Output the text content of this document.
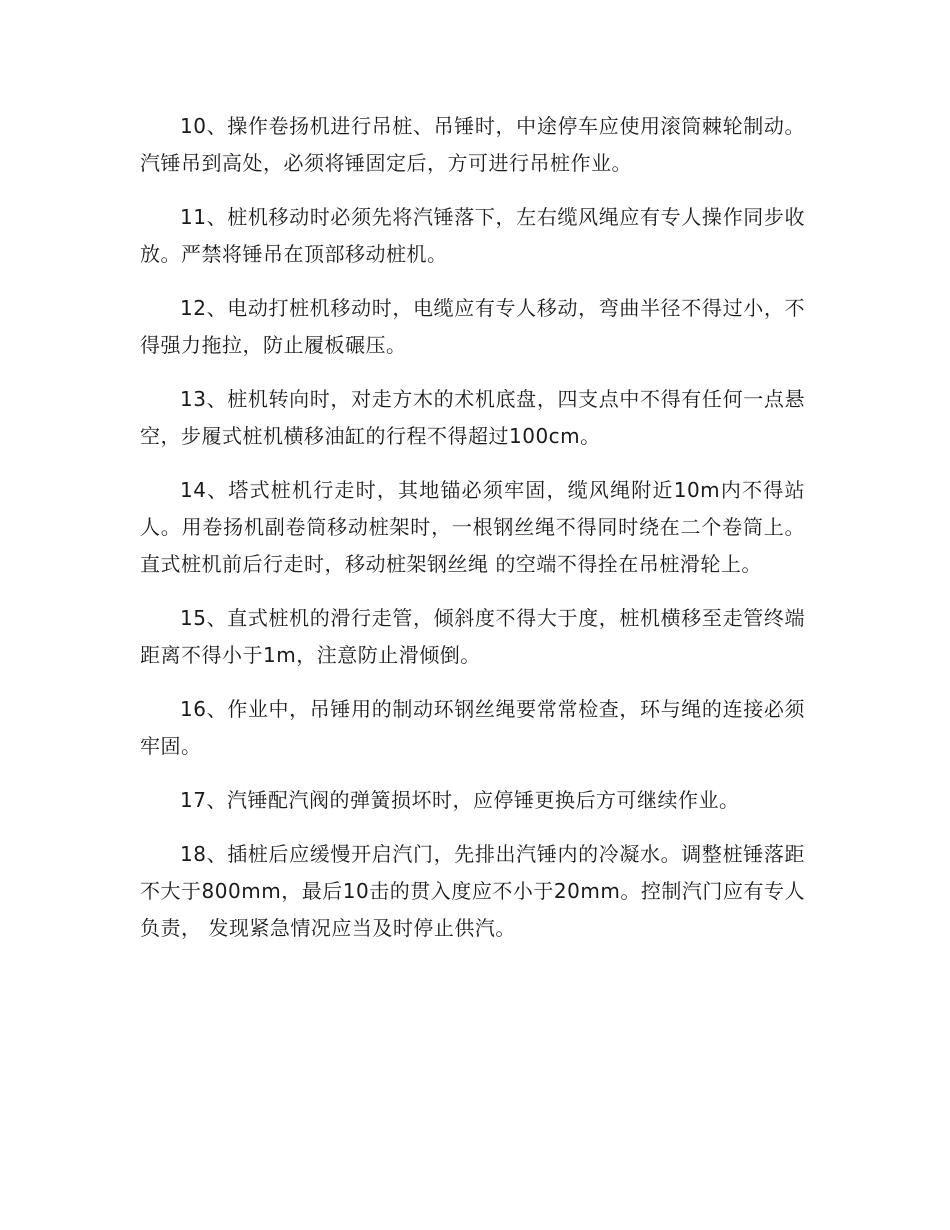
10、操作卷扬机进行吊桩、吊锤时，中途停车应使用滚筒棘轮制动。汽锤吊到高处，必须将锤固定后，方可进行吊桩作业。

11、桩机移动时必须先将汽锤落下，左右缆风绳应有专人操作同步收放。严禁将锤吊在顶部移动桩机。

12、电动打桩机移动时，电缆应有专人移动，弯曲半径不得过小，不得强力拖拉，防止履板碾压。

13、桩机转向时，对走方木的术机底盘，四支点中不得有任何一点悬空，步履式桩机横移油缸的行程不得超过100cm。

14、塔式桩机行走时，其地锚必须牢固，缆风绳附近10m内不得站人。用卷扬机副卷筒移动桩架时，一根钢丝绳不得同时绕在二个卷筒上。直式桩机前后行走时，移动桩架钢丝绳 的空端不得拴在吊桩滑轮上。

15、直式桩机的滑行走管，倾斜度不得大于度，桩机横移至走管终端距离不得小于1m，注意防止滑倾倒。

16、作业中，吊锤用的制动环钢丝绳要常常检查，环与绳的连接必须牢固。

17、汽锤配汽阀的弹簧损坏时，应停锤更换后方可继续作业。

18、插桩后应缓慢开启汽门，先排出汽锤内的冷凝水。调整桩锤落距不大于800mm，最后10击的贯入度应不小于20mm。控制汽门应有专人负责， 发现紧急情况应当及时停止供汽。
